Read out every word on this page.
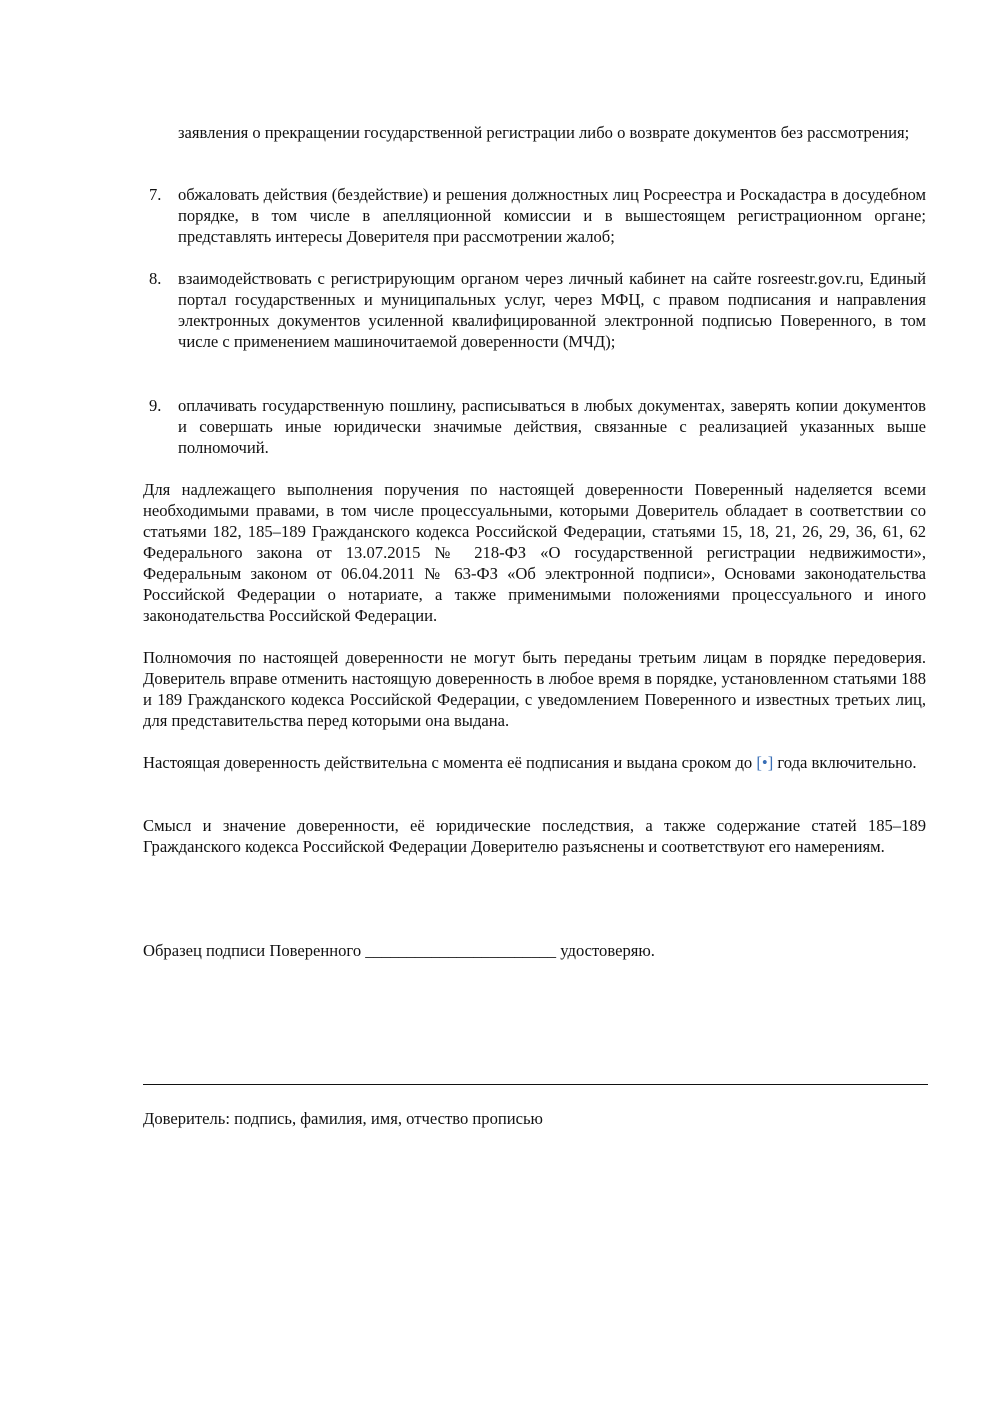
заявления о прекращении государственной регистрации либо о возврате документов без рассмотрения;

7. обжаловать действия (бездействие) и решения должностных лиц Росреестра и Роскадастра в досудебном порядке, в том числе в апелляционной комиссии и в вышестоящем регистрационном органе; представлять интересы Доверителя при рассмотрении жалоб;

8. взаимодействовать с регистрирующим органом через личный кабинет на сайте rosreestr.gov.ru, Единый портал государственных и муниципальных услуг, через МФЦ, с правом подписания и направления электронных документов усиленной квалифицированной электронной подписью Поверенного, в том числе с применением машиночитаемой доверенности (МЧД);

9. оплачивать государственную пошлину, расписываться в любых документах, заверять копии документов и совершать иные юридически значимые действия, связанные с реализацией указанных выше полномочий.

Для надлежащего выполнения поручения по настоящей доверенности Поверенный наделяется всеми необходимыми правами, в том числе процессуальными, которыми Доверитель обладает в соответствии со статьями 182, 185–189 Гражданского кодекса Российской Федерации, статьями 15, 18, 21, 26, 29, 36, 61, 62 Федерального закона от 13.07.2015 № 218-ФЗ «О государственной регистрации недвижимости», Федеральным законом от 06.04.2011 № 63-ФЗ «Об электронной подписи», Основами законодательства Российской Федерации о нотариате, а также применимыми положениями процессуального и иного законодательства Российской Федерации.

Полномочия по настоящей доверенности не могут быть переданы третьим лицам в порядке передоверия. Доверитель вправе отменить настоящую доверенность в любое время в порядке, установленном статьями 188 и 189 Гражданского кодекса Российской Федерации, с уведомлением Поверенного и известных третьих лиц, для представительства перед которыми она выдана.

Настоящая доверенность действительна с момента её подписания и выдана сроком до [•] года включительно.

Смысл и значение доверенности, её юридические последствия, а также содержание статей 185–189 Гражданского кодекса Российской Федерации Доверителю разъяснены и соответствуют его намерениям.

Образец подписи Поверенного _______________________ удостоверяю.

Доверитель: подпись, фамилия, имя, отчество прописью
